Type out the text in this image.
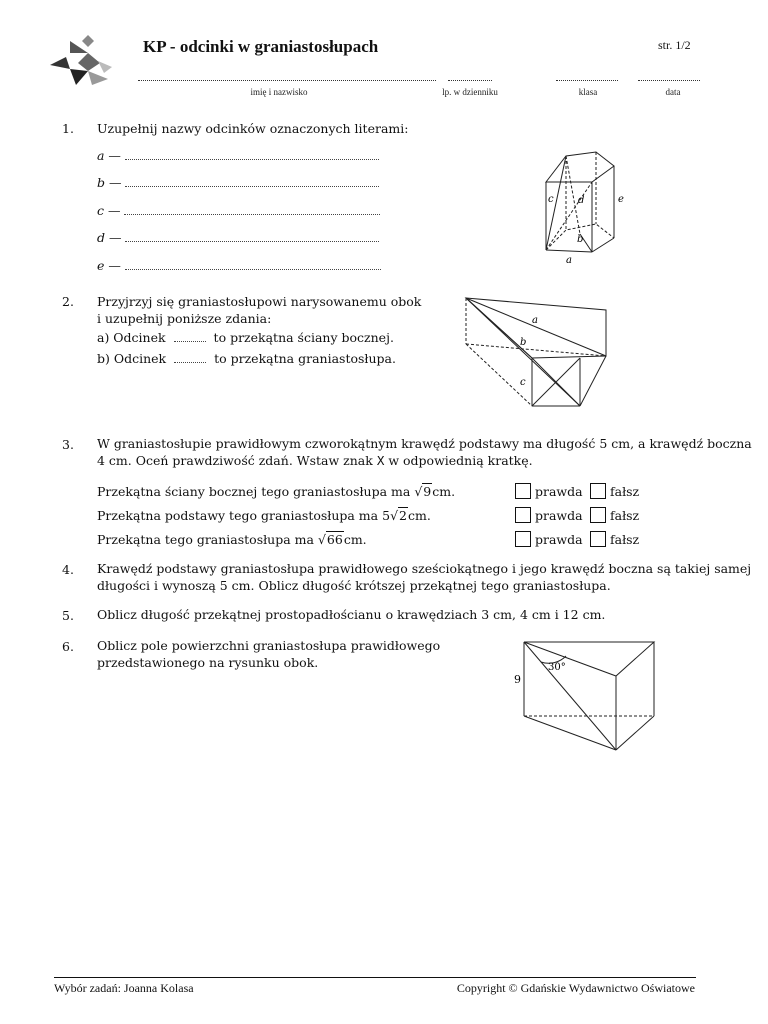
KP - odcinki w graniastosłupach	str. 1/2
imię i nazwisko	lp. w dzienniku	klasa	data
1. Uzupełnij nazwy odcinków oznaczonych literami:
a —
b —
c —
d —
e —
c d	e
b
a
2. Przyjrzyj się graniastosłupowi narysowanemu obok
i uzupełnij poniższe zdania:
a) Odcinek	to przekątna ściany bocznej.
b) Odcinek	to przekątna graniastosłupa.
a
b
c
3. W graniastosłupie prawidłowym czworokątnym krawędź podstawy ma długość 5 cm, a krawędź boczna
4 cm. Oceń prawdziwość zdań. Wstaw znak X w odpowiednią kratkę.
Przekątna ściany bocznej tego graniastosłupa ma √9cm.	prawda	fałsz
Przekątna podstawy tego graniastosłupa ma 5√2cm.	prawda	fałsz
Przekątna tego graniastosłupa ma √66cm.	prawda	fałsz
4. Krawędź podstawy graniastosłupa prawidłowego sześciokątnego i jego krawędź boczna są takiej samej
długości i wynoszą 5 cm. Oblicz długość krótszej przekątnej tego graniastosłupa.
5. Oblicz długość przekątnej prostopadłościanu o krawędziach 3 cm, 4 cm i 12 cm.
6. Oblicz pole powierzchni graniastosłupa prawidłowego
przedstawionego na rysunku obok.
9
30°
Wybór zadań: Joanna Kolasa	Copyright © Gdańskie Wydawnictwo Oświatowe
